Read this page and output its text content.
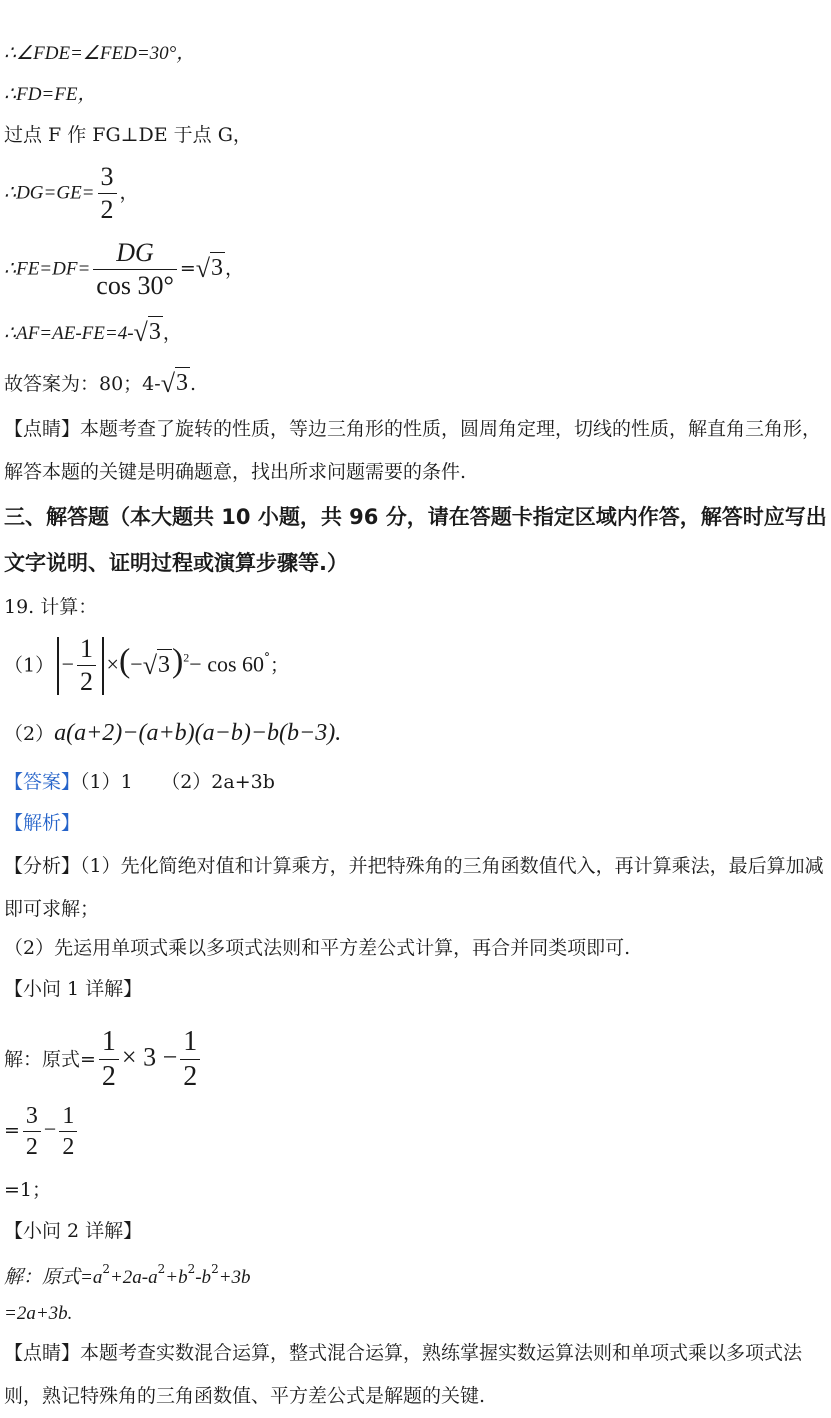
∴∠FDE=∠FED=30°，
∴FD=FE，
过点 F 作 FG⊥DE 于点 G，
∴DG=GE= $\frac{3}{2}$ ，
∴FE=DF= $\frac{DG}{\cos 30^\circ} =√3$ ，
∴AF=AE-FE=4-√3 ，
故答案为：80；4-√3 .
【点睛】本题考查了旋转的性质，等边三角形的性质，圆周角定理，切线的性质，解直角三角形，解答本题的关键是明确题意，找出所求问题需要的条件.
三、解答题（本大题共 10 小题，共 96 分，请在答题卡指定区域内作答，解答时应写出文字说明、证明过程或演算步骤等.）
19. 计算：
$(1) - \frac{1}{2} \times(-√3)^2- \cos 60^\circ$；
（2）a(a+2)−(a+b)(a−b)−b(b−3).
【答案】（1）1　　（2）2a+3b
【解析】
【分析】（1）先化简绝对值和计算乘方，并把特殊角的三角函数值代入，再计算乘法，最后算加减即可求解；
（2）先运用单项式乘以多项式法则和平方差公式计算，再合并同类项即可.
【小问 1 详解】
解：原式= $\frac{1}{2} \times 3 - \frac{1}{2}$
= $\frac{3}{2} - \frac{1}{2}$
=1；
【小问 2 详解】
解：原式$=a^2+2a-a^2+b^2-b^2+3b$
=2a+3b.
【点睛】本题考查实数混合运算，整式混合运算，熟练掌握实数运算法则和单项式乘以多项式法则，熟记特殊角的三角函数值、平方差公式是解题的关键.
